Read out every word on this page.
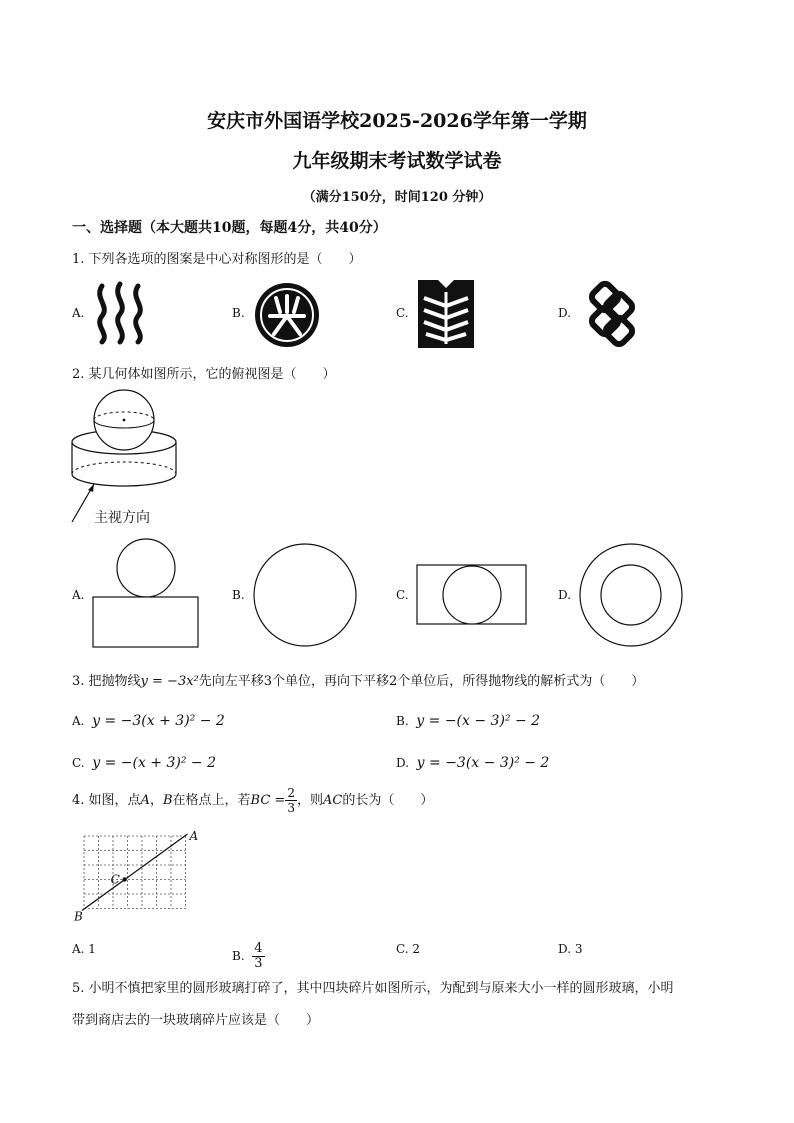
安庆市外国语学校2025-2026学年第一学期
九年级期末考试数学试卷
（满分150分，时间120 分钟）
一、选择题（本大题共10题，每题4分，共40分）
1. 下列各选项的图案是中心对称图形的是（　　）
A.	B.	C.	D.
2. 某几何体如图所示，它的俯视图是（　　）
主视方向
A.	B.	C.	D.
3. 把抛物线y = −3x²先向左平移3个单位，再向下平移2个单位后，所得抛物线的解析式为（　　）
A. y = −3(x + 3)² − 2	B. y = −(x − 3)² − 2
C. y = −(x + 3)² − 2	D. y = −3(x − 3)² − 2
4. 如图，点A，B在格点上，若BC = $\frac{2}{3}$ ，则AC的长为（　　）
A
B
C
A. 1	B. $\frac{4}{3}$	C. 2	D. 3
5. 小明不慎把家里的圆形玻璃打碎了，其中四块碎片如图所示，为配到与原来大小一样的圆形玻璃，小明
带到商店去的一块玻璃碎片应该是（　　）
